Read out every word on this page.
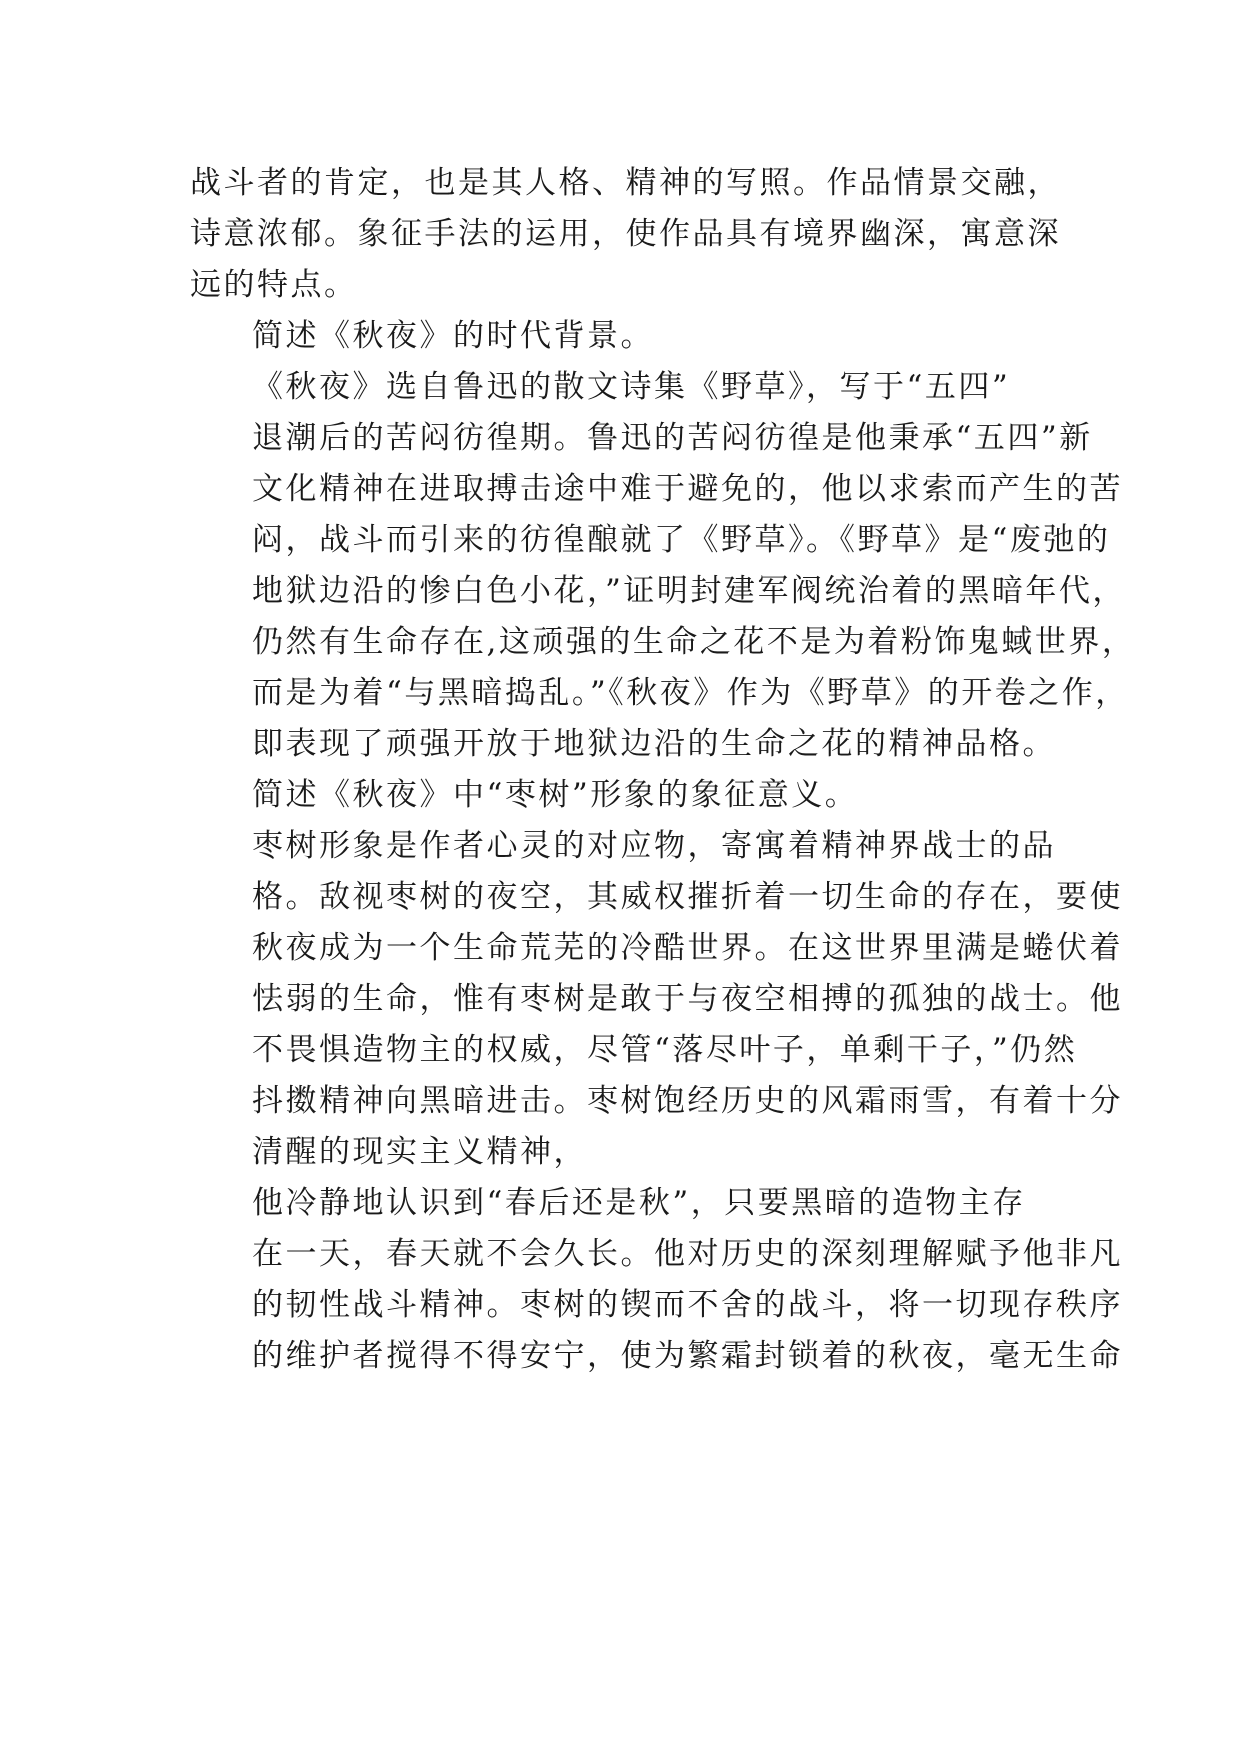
战斗者的肯定，也是其人格、精神的写照。作品情景交融，
诗意浓郁。象征手法的运用，使作品具有境界幽深，寓意深
远的特点。
简述《秋夜》的时代背景。
《秋夜》选自鲁迅的散文诗集《野草》，写于“五四”
退潮后的苦闷彷徨期。鲁迅的苦闷彷徨是他秉承“五四”新
文化精神在进取搏击途中难于避免的，他以求索而产生的苦
闷，战斗而引来的彷徨酿就了《野草》。《野草》是“废弛的
地狱边沿的惨白色小花，”证明封建军阀统治着的黑暗年代，
仍然有生命存在,这顽强的生命之花不是为着粉饰鬼蜮世界，
而是为着“与黑暗捣乱。”《秋夜》作为《野草》的开卷之作，
即表现了顽强开放于地狱边沿的生命之花的精神品格。
简述《秋夜》中“枣树”形象的象征意义。
枣树形象是作者心灵的对应物，寄寓着精神界战士的品
格。敌视枣树的夜空，其威权摧折着一切生命的存在，要使
秋夜成为一个生命荒芜的冷酷世界。在这世界里满是蜷伏着
怯弱的生命，惟有枣树是敢于与夜空相搏的孤独的战士。他
不畏惧造物主的权威，尽管“落尽叶子，单剩干子，”仍然
抖擞精神向黑暗进击。枣树饱经历史的风霜雨雪，有着十分
清醒的现实主义精神，
他冷静地认识到“春后还是秋”，只要黑暗的造物主存
在一天，春天就不会久长。他对历史的深刻理解赋予他非凡
的韧性战斗精神。枣树的锲而不舍的战斗，将一切现存秩序
的维护者搅得不得安宁，使为繁霜封锁着的秋夜，毫无生命
